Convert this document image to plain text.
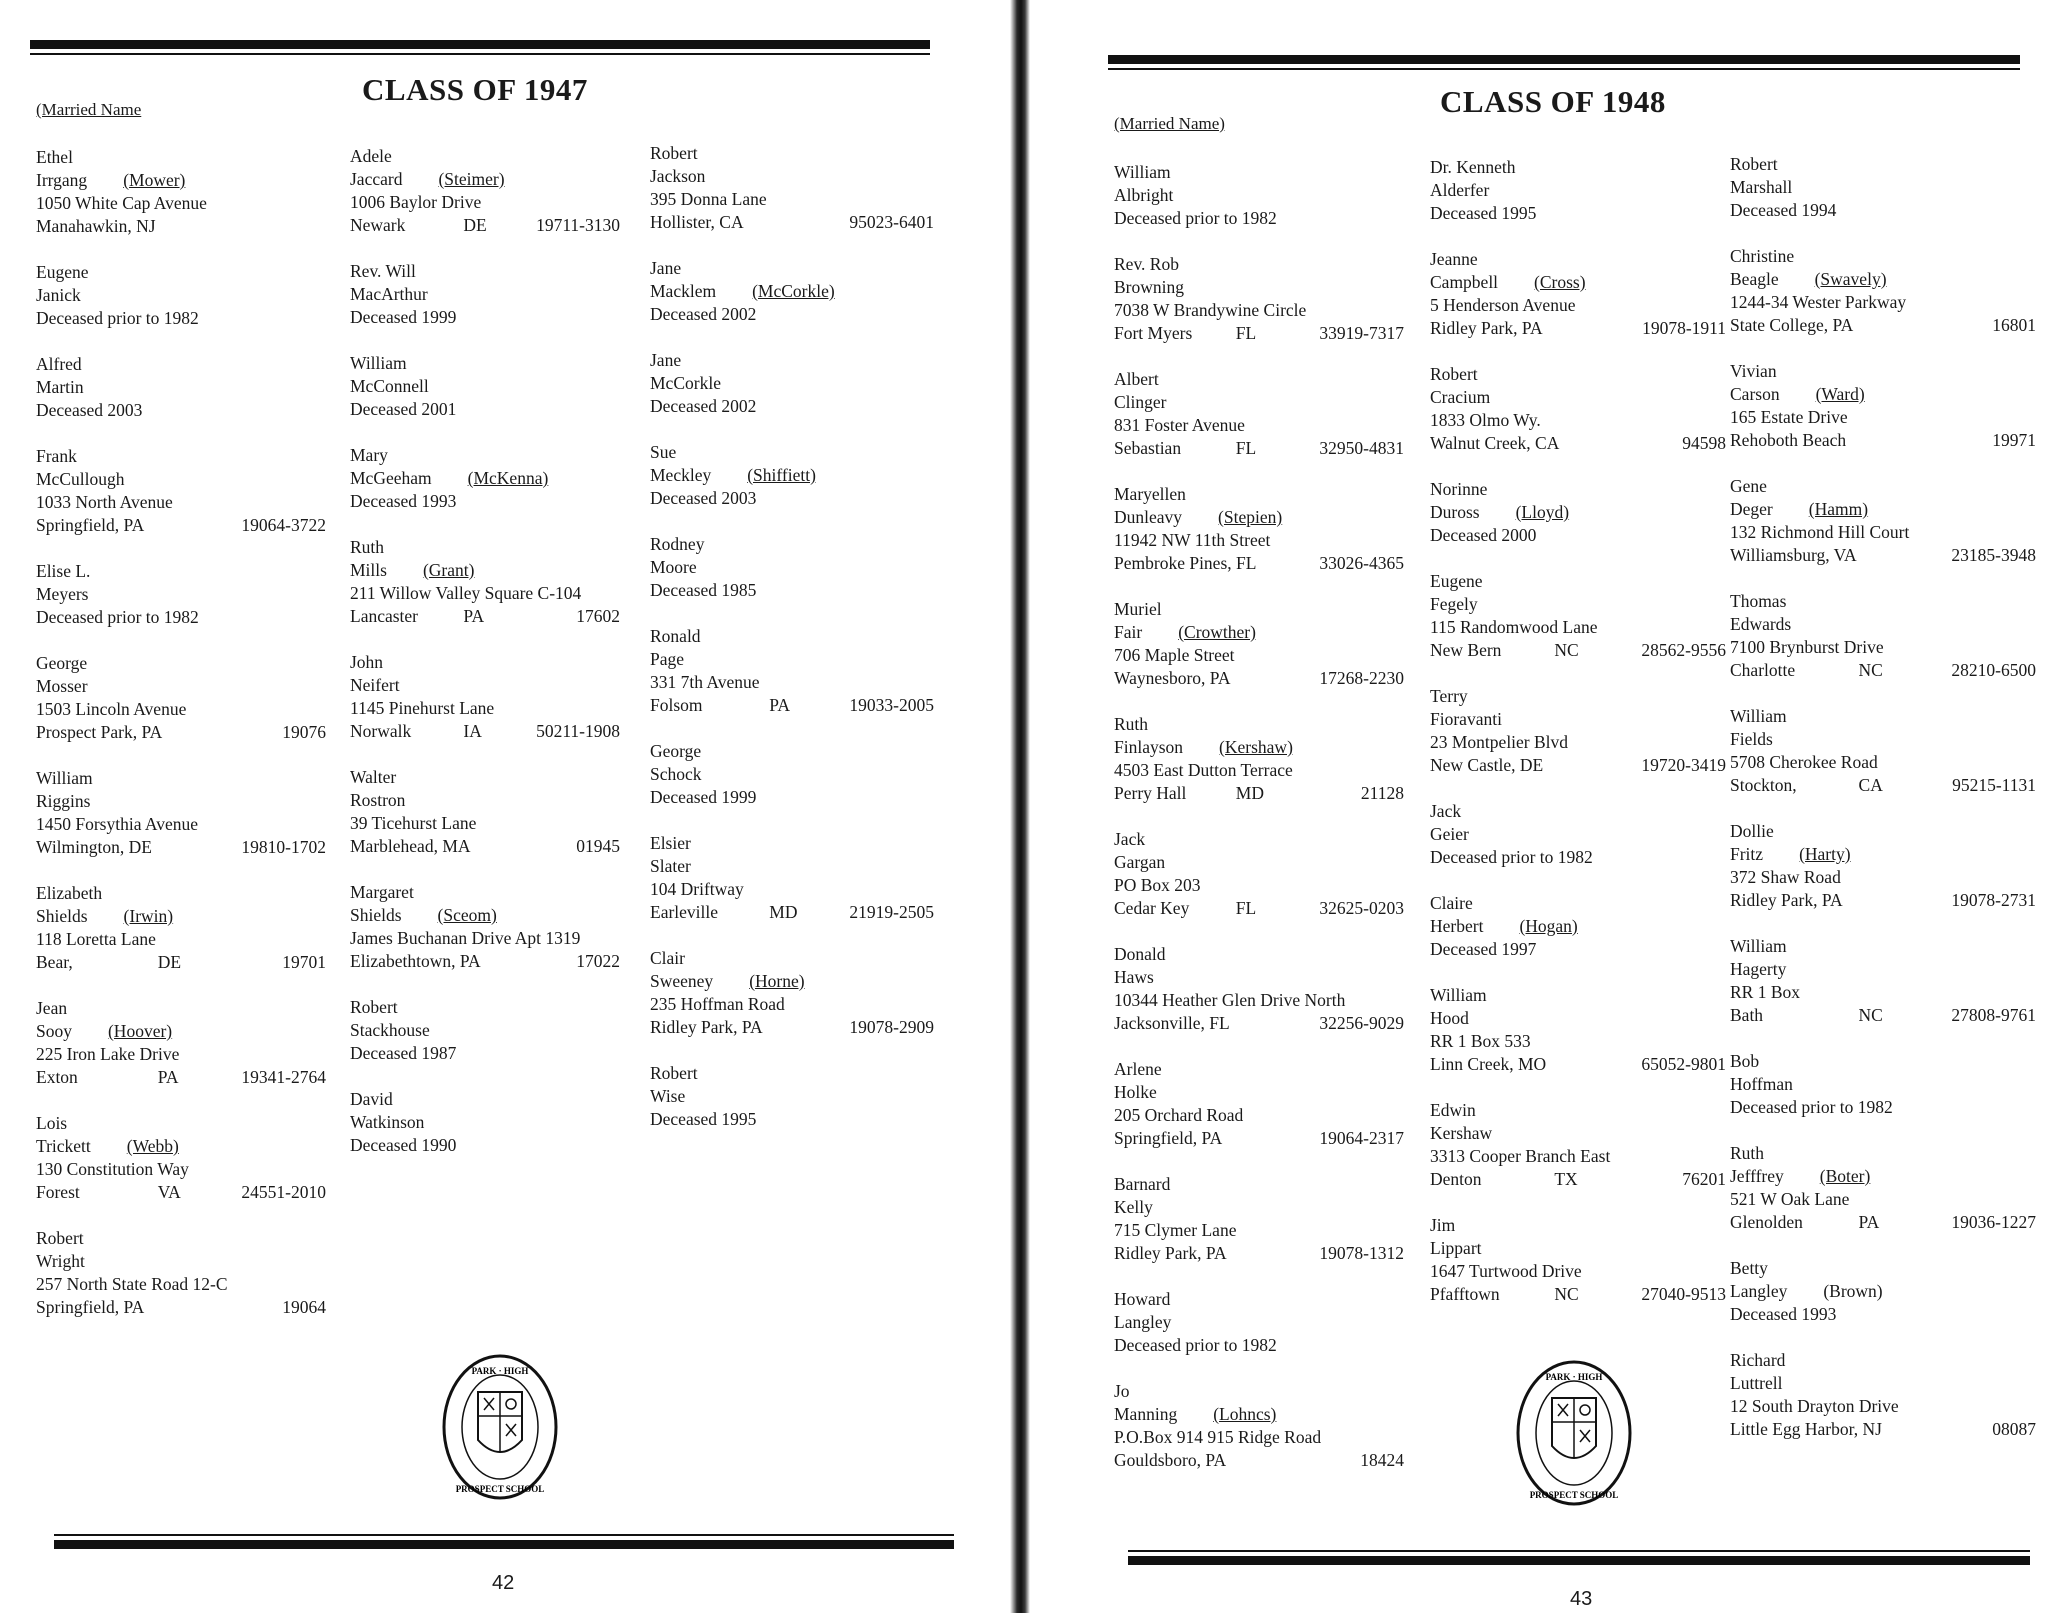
(Married Name
CLASS OF 1947
Ethel
Irrgang (Mower)
1050 White Cap Avenue
Manahawkin, NJ
Eugene
Janick
Deceased prior to 1982
Alfred
Martin
Deceased 2003
Frank
McCullough
1033 North Avenue
Springfield, PA	19064-3722
Elise L.
Meyers
Deceased prior to 1982
George
Mosser
1503 Lincoln Avenue
Prospect Park, PA	19076
William
Riggins
1450 Forsythia Avenue
Wilmington, DE	19810-1702
Elizabeth
Shields (Irwin)
118 Loretta Lane
Bear,	DE	19701
Jean
Sooy (Hoover)
225 Iron Lake Drive
Exton	PA	19341-2764
Lois
Trickett (Webb)
130 Constitution Way
Forest	VA	24551-2010
Robert
Wright
257 North State Road 12-C
Springfield, PA	19064
Adele
Jaccard (Steimer)
1006 Baylor Drive
Newark	DE	19711-3130
Rev. Will
MacArthur
Deceased 1999
William
McConnell
Deceased 2001
Mary
McGeeham (McKenna)
Deceased 1993
Ruth
Mills (Grant)
211 Willow Valley Square C-104
Lancaster	PA	17602
John
Neifert
1145 Pinehurst Lane
Norwalk	IA	50211-1908
Walter
Rostron
39 Ticehurst Lane
Marblehead, MA	01945
Margaret
Shields (Sceom)
James Buchanan Drive Apt 1319
Elizabethtown, PA	17022
Robert
Stackhouse
Deceased 1987
David
Watkinson
Deceased 1990
Robert
Jackson
395 Donna Lane
Hollister, CA	95023-6401
Jane
Macklem (McCorkle)
Deceased 2002
Jane
McCorkle
Deceased 2002
Sue
Meckley (Shiffiett)
Deceased 2003
Rodney
Moore
Deceased 1985
Ronald
Page
331 7th Avenue
Folsom	PA	19033-2005
George
Schock
Deceased 1999
Elsier
Slater
104 Driftway
Earleville	MD	21919-2505
Clair
Sweeney (Horne)
235 Hoffman Road
Ridley Park, PA	19078-2909
Robert
Wise
Deceased 1995
PARK · HIGH
PROSPECT SCHOOL
42
(Married Name)
CLASS OF 1948
William
Albright
Deceased prior to 1982
Rev. Rob
Browning
7038 W Brandywine Circle
Fort Myers FL	33919-7317
Albert
Clinger
831 Foster Avenue
Sebastian	FL	32950-4831
Maryellen
Dunleavy (Stepien)
11942 NW 11th Street
Pembroke Pines, FL	33026-4365
Muriel
Fair (Crowther)
706 Maple Street
Waynesboro, PA	17268-2230
Ruth
Finlayson (Kershaw)
4503 East Dutton Terrace
Perry Hall	MD	21128
Jack
Gargan
PO Box 203
Cedar Key	FL	32625-0203
Donald
Haws
10344 Heather Glen Drive North
Jacksonville, FL	32256-9029
Arlene
Holke
205 Orchard Road
Springfield, PA	19064-2317
Barnard
Kelly
715 Clymer Lane
Ridley Park, PA	19078-1312
Howard
Langley
Deceased prior to 1982
Jo
Manning (Lohncs)
P.O.Box 914 915 Ridge Road
Gouldsboro, PA	18424
Dr. Kenneth
Alderfer
Deceased 1995
Jeanne
Campbell (Cross)
5 Henderson Avenue
Ridley Park, PA	19078-1911
Robert
Cracium
1833 Olmo Wy.
Walnut Creek, CA	94598
Norinne
Duross (Lloyd)
Deceased 2000
Eugene
Fegely
115 Randomwood Lane
New Bern	NC	28562-9556
Terry
Fioravanti
23 Montpelier Blvd
New Castle, DE	19720-3419
Jack
Geier
Deceased prior to 1982
Claire
Herbert (Hogan)
Deceased 1997
William
Hood
RR 1 Box 533
Linn Creek, MO	65052-9801
Edwin
Kershaw
3313 Cooper Branch East
Denton	TX	76201
Jim
Lippart
1647 Turtwood Drive
Pfafftown	NC	27040-9513
Robert
Marshall
Deceased 1994
Christine
Beagle (Swavely)
1244-34 Wester Parkway
State College, PA	16801
Vivian
Carson (Ward)
165 Estate Drive
Rehoboth Beach	19971
Gene
Deger (Hamm)
132 Richmond Hill Court
Williamsburg, VA	23185-3948
Thomas
Edwards
7100 Brynburst Drive
Charlotte	NC	28210-6500
William
Fields
5708 Cherokee Road
Stockton,	CA	95215-1131
Dollie
Fritz (Harty)
372 Shaw Road
Ridley Park, PA	19078-2731
William
Hagerty
RR 1 Box
Bath	NC	27808-9761
Bob
Hoffman
Deceased prior to 1982
Ruth
Jefffrey (Boter)
521 W Oak Lane
Glenolden	PA	19036-1227
Betty
Langley (Brown)
Deceased 1993
Richard
Luttrell
12 South Drayton Drive
Little Egg Harbor, NJ	08087
PARK · HIGH
PROSPECT SCHOOL
43
